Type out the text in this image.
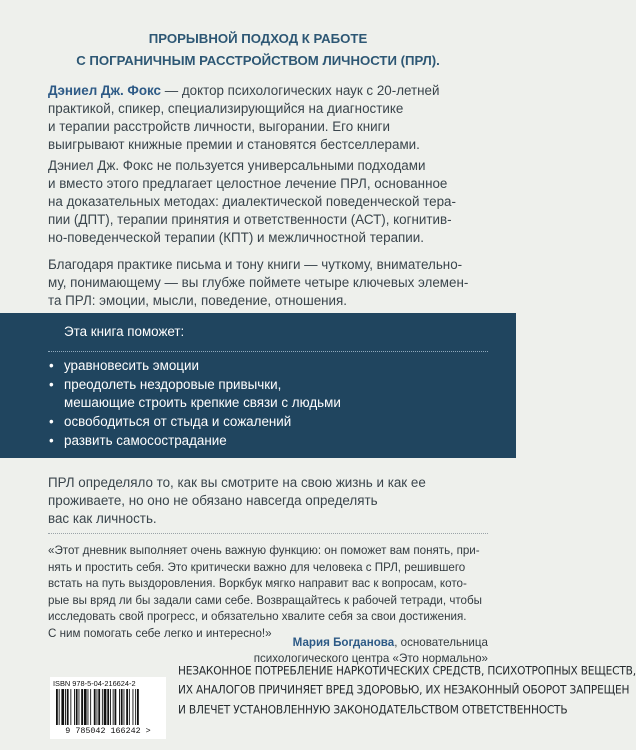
ПРОРЫВНОЙ ПОДХОД К РАБОТЕ
С ПОГРАНИЧНЫМ РАССТРОЙСТВОМ ЛИЧНОСТИ (ПРЛ).
Дэниел Дж. Фокс — доктор психологических наук с 20-летней
практикой, спикер, специализирующийся на диагностике
и терапии расстройств личности, выгорании. Его книги
выигрывают книжные премии и становятся бестселлерами.
Дэниел Дж. Фокс не пользуется универсальными подходами
и вместо этого предлагает целостное лечение ПРЛ, основанное
на доказательных методах: диалектической поведенческой тера-
пии (ДПТ), терапии принятия и ответственности (АСТ), когнитив-
но-поведенческой терапии (КПТ) и межличностной терапии.
Благодаря практике письма и тону книги — чуткому, внимательно-
му, понимающему — вы глубже поймете четыре ключевых элемен-
та ПРЛ: эмоции, мысли, поведение, отношения.
Эта книга поможет:
• уравновесить эмоции
• преодолеть нездоровые привычки,
мешающие строить крепкие связи с людьми
• освободиться от стыда и сожалений
• развить самосострадание
ПРЛ определяло то, как вы смотрите на свою жизнь и как ее
проживаете, но оно не обязано навсегда определять
вас как личность.
«Этот дневник выполняет очень важную функцию: он поможет вам понять, при-
нять и простить себя. Это критически важно для человека с ПРЛ, решившего
встать на путь выздоровления. Воркбук мягко направит вас к вопросам, кото-
рые вы вряд ли бы задали сами себе. Возвращайтесь к рабочей тетради, чтобы
исследовать свой прогресс, и обязательно хвалите себя за свои достижения.
С ним помогать себе легко и интересно!»
Мария Богданова, основательница
психологического центра «Это нормально»
ISBN 978-5-04-216624-2
9 785042 166242 >
НЕЗАКОННОЕ ПОТРЕБЛЕНИЕ НАРКОТИЧЕСКИХ СРЕДСТВ, ПСИХОТРОПНЫХ ВЕЩЕСТВ,
ИХ АНАЛОГОВ ПРИЧИНЯЕТ ВРЕД ЗДОРОВЬЮ, ИХ НЕЗАКОННЫЙ ОБОРОТ ЗАПРЕЩЕН
И ВЛЕЧЕТ УСТАНОВЛЕННУЮ ЗАКОНОДАТЕЛЬСТВОМ ОТВЕТСТВЕННОСТЬ
